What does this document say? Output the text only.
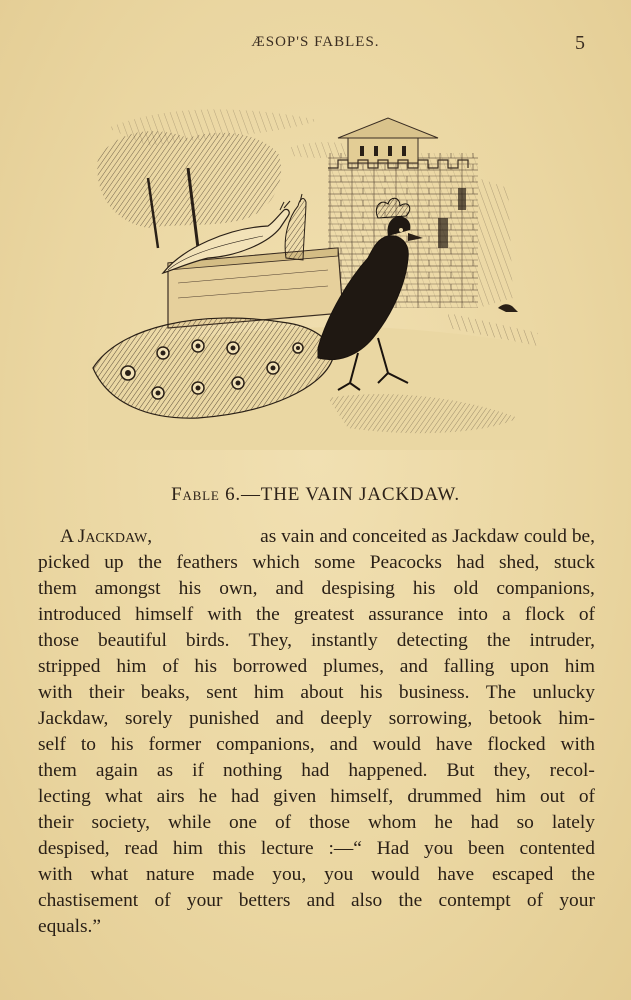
ÆSOP'S FABLES.	5
Fable 6.—THE VAIN JACKDAW.
A Jackdaw,	as vain and conceited as Jackdaw could be,
picked up the feathers which some Peacocks had shed, stuck
them amongst his own, and despising his old companions,
introduced himself with the greatest assurance into a flock of
those beautiful birds. They, instantly detecting the intruder,
stripped him of his borrowed plumes, and falling upon him
with their beaks, sent him about his business. The unlucky
Jackdaw, sorely punished and deeply sorrowing, betook him-
self to his former companions, and would have flocked with
them again as if nothing had happened. But they, recol-
lecting what airs he had given himself, drummed him out of
their society, while one of those whom he had so lately
despised, read him this lecture :—“ Had you been contented
with what nature made you, you would have escaped the
chastisement of your betters and also the contempt of your
equals.”
